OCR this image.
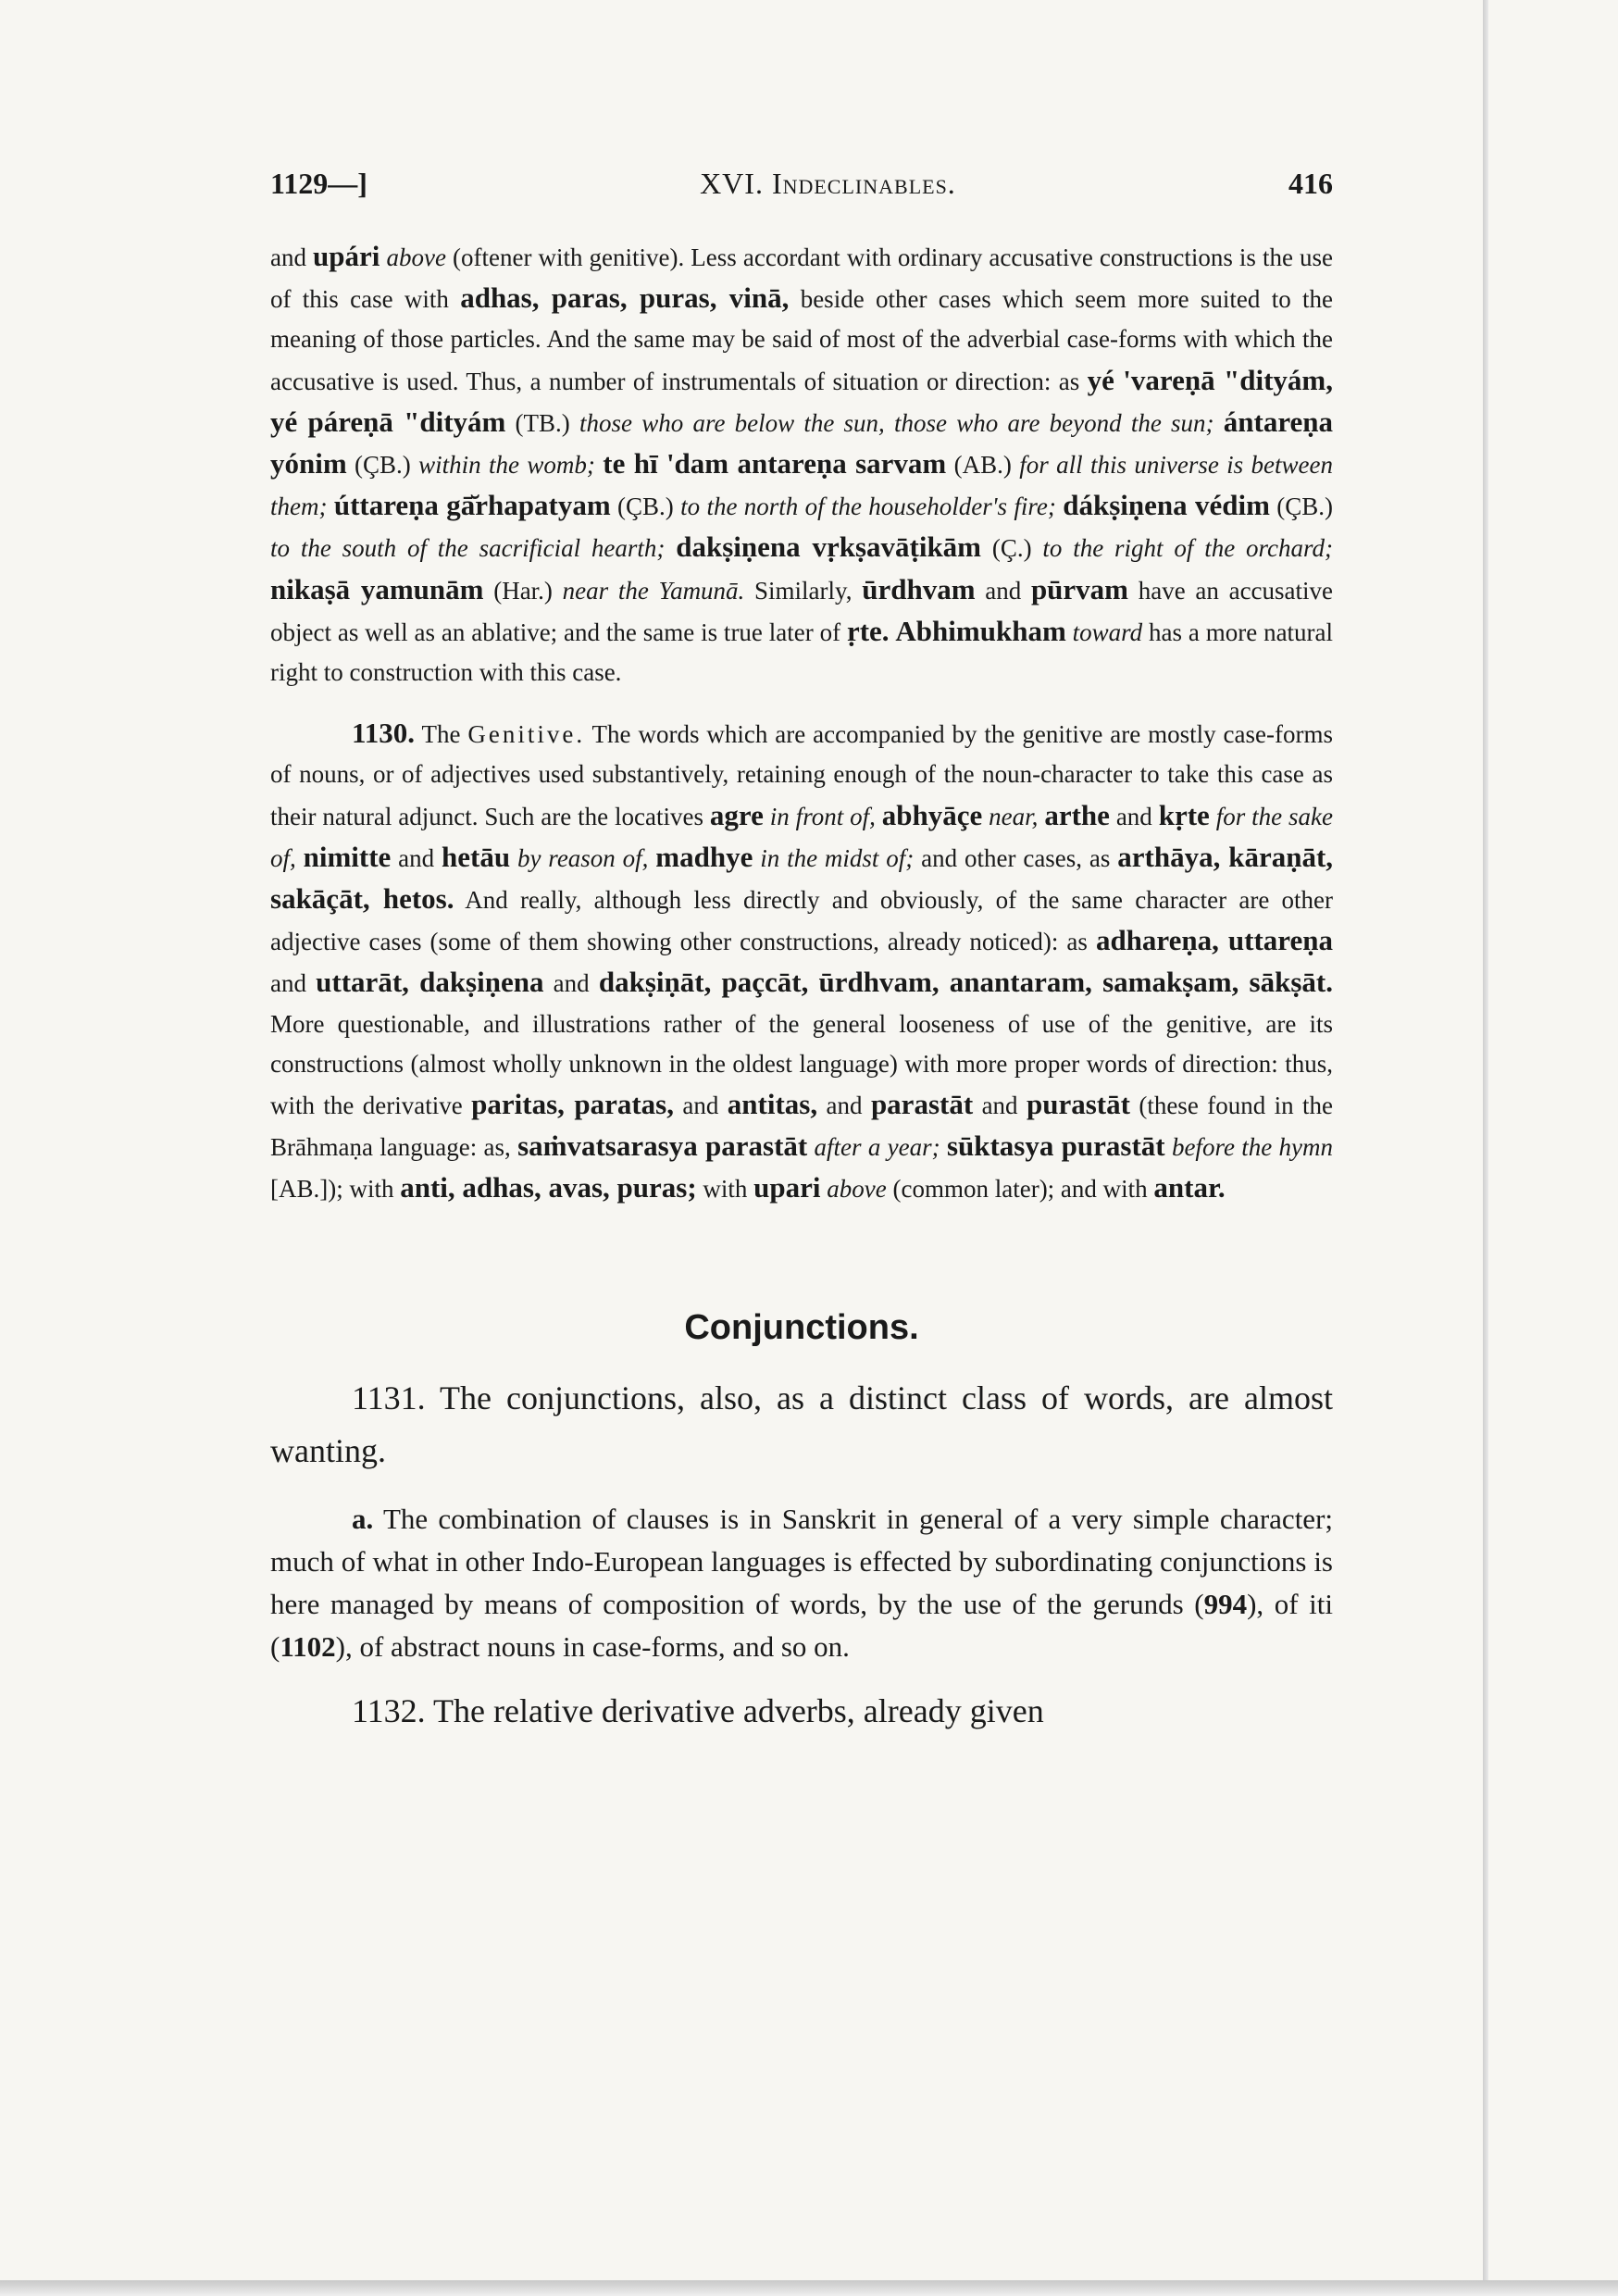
1129—]	XVI. Indeclinables.	416

and upári above (oftener with genitive). Less accordant with ordinary accusative constructions is the use of this case with adhas, paras, puras, vinā, beside other cases which seem more suited to the meaning of those particles. And the same may be said of most of the adverbial case-forms with which the accusative is used. Thus, a number of instrumentals of situation or direction: as yé 'vareṇā "dityám, yé páreṇā "dityám (TB.) those who are below the sun, those who are beyond the sun; ántareṇa yónim (ÇB.) within the womb; te hī 'dam antareṇa sarvam (AB.) for all this universe is between them; úttareṇa gā̆rhapatyam (ÇB.) to the north of the householder's fire; dákṣiṇena védim (ÇB.) to the south of the sacrificial hearth; dakṣiṇena vṛkṣavāṭikām (Ç.) to the right of the orchard; nikaṣā yamunām (Har.) near the Yamunā. Similarly, ūrdhvam and pūrvam have an accusative object as well as an ablative; and the same is true later of ṛte. Abhimukham toward has a more natural right to construction with this case.

1130. The Genitive. The words which are accompanied by the genitive are mostly case-forms of nouns, or of adjectives used substantively, retaining enough of the noun-character to take this case as their natural adjunct. Such are the locatives agre in front of, abhyāçe near, arthe and kṛte for the sake of, nimitte and hetāu by reason of, madhye in the midst of; and other cases, as arthāya, kāraṇāt, sakāçāt, hetos. And really, although less directly and obviously, of the same character are other adjective cases (some of them showing other constructions, already noticed): as adhareṇa, uttareṇa and uttarāt, dakṣiṇena and dakṣiṇāt, paçcāt, ūrdhvam, anantaram, samakṣam, sākṣāt. More questionable, and illustrations rather of the general looseness of use of the genitive, are its constructions (almost wholly unknown in the oldest language) with more proper words of direction: thus, with the derivative paritas, paratas, and antitas, and parastāt and purastāt (these found in the Brāhmaṇa language: as, saṁvatsarasya parastāt after a year; sūktasya purastāt before the hymn [AB.]); with anti, adhas, avas, puras; with upari above (common later); and with antar.

Conjunctions.

1131. The conjunctions, also, as a distinct class of words, are almost wanting.

a. The combination of clauses is in Sanskrit in general of a very simple character; much of what in other Indo-European languages is effected by subordinating conjunctions is here managed by means of composition of words, by the use of the gerunds (994), of iti (1102), of abstract nouns in case-forms, and so on.

1132. The relative derivative adverbs, already given
